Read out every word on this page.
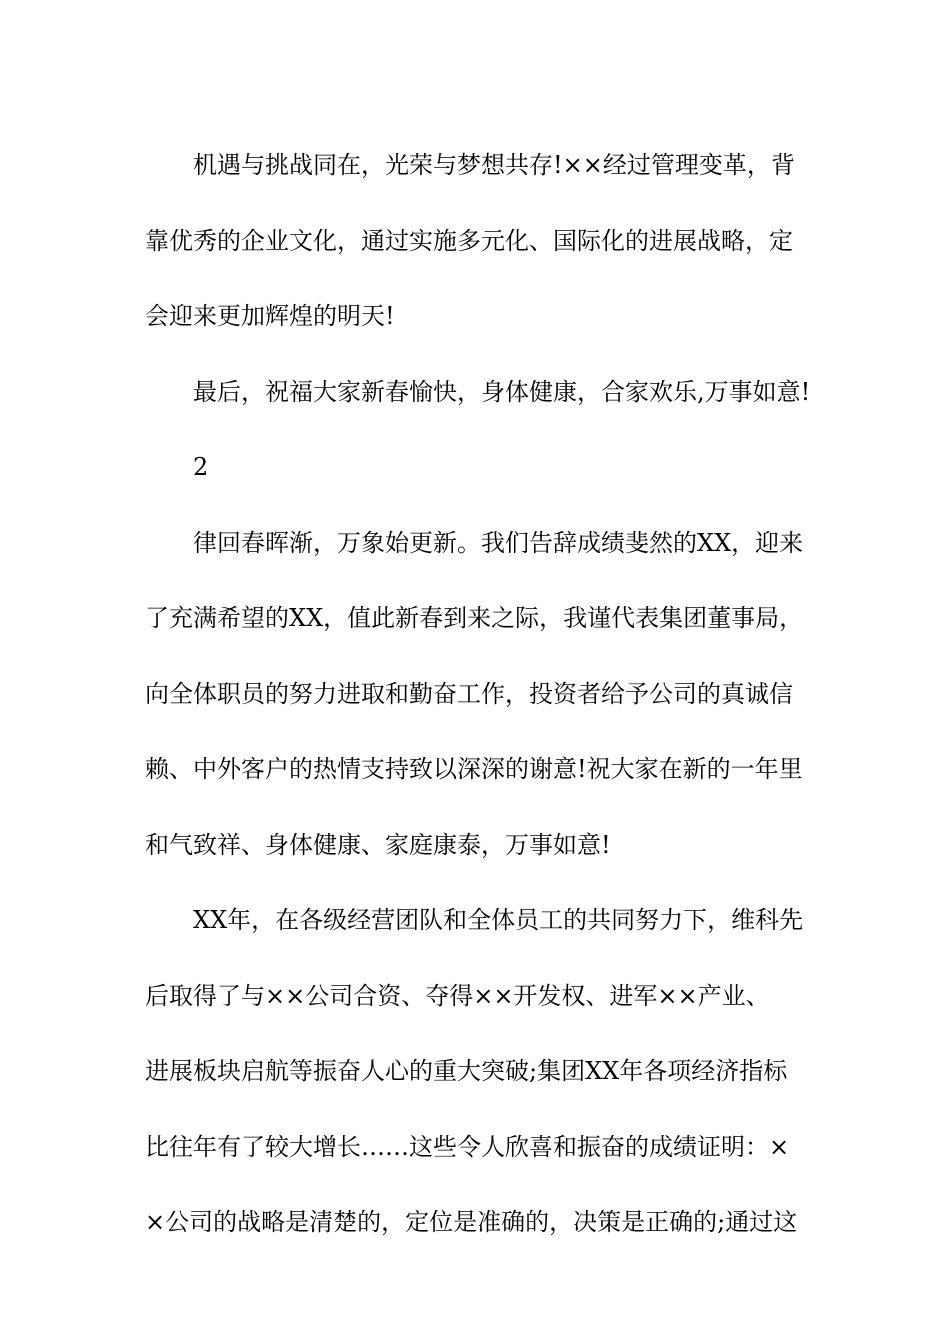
机遇与挑战同在，光荣与梦想共存!××经过管理变革，背
靠优秀的企业文化，通过实施多元化、国际化的进展战略，定
会迎来更加辉煌的明天!
最后，祝福大家新春愉快，身体健康，合家欢乐,万事如意!
2
律回春晖渐，万象始更新。我们告辞成绩斐然的XX，迎来
了充满希望的XX，值此新春到来之际，我谨代表集团董事局，
向全体职员的努力进取和勤奋工作，投资者给予公司的真诚信
赖、中外客户的热情支持致以深深的谢意!祝大家在新的一年里
和气致祥、身体健康、家庭康泰，万事如意!
XX年，在各级经营团队和全体员工的共同努力下，维科先
后取得了与××公司合资、夺得××开发权、进军××产业、
进展板块启航等振奋人心的重大突破;集团XX年各项经济指标
比往年有了较大增长……这些令人欣喜和振奋的成绩证明：×
×公司的战略是清楚的，定位是准确的，决策是正确的;通过这
